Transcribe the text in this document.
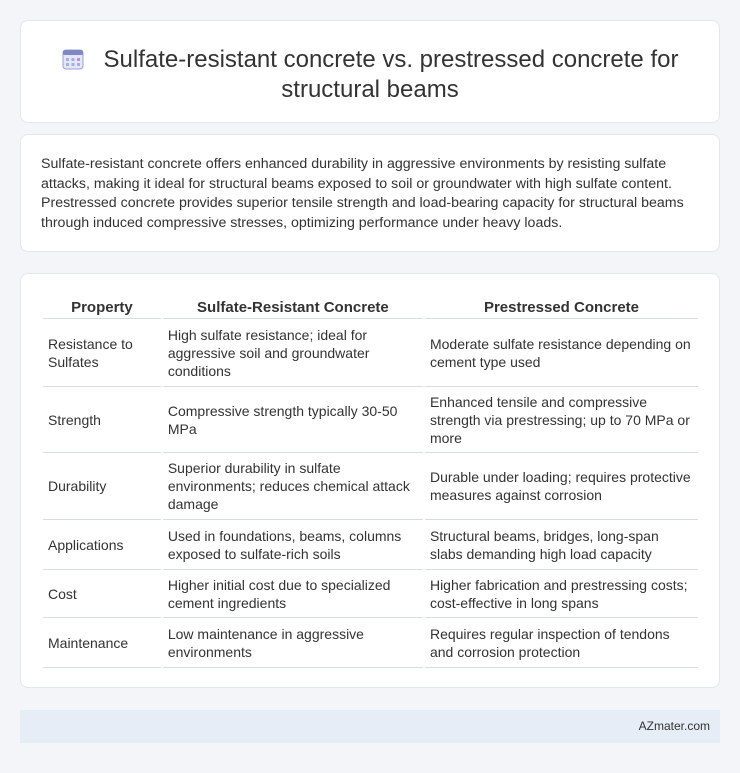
Sulfate-resistant concrete vs. prestressed concrete for structural beams

Sulfate-resistant concrete offers enhanced durability in aggressive environments by resisting sulfate attacks, making it ideal for structural beams exposed to soil or groundwater with high sulfate content. Prestressed concrete provides superior tensile strength and load-bearing capacity for structural beams through induced compressive stresses, optimizing performance under heavy loads.

Property	Sulfate-Resistant Concrete	Prestressed Concrete
Resistance to Sulfates	High sulfate resistance; ideal for aggressive soil and groundwater conditions	Moderate sulfate resistance depending on cement type used
Strength	Compressive strength typically 30-50 MPa	Enhanced tensile and compressive strength via prestressing; up to 70 MPa or more
Durability	Superior durability in sulfate environments; reduces chemical attack damage	Durable under loading; requires protective measures against corrosion
Applications	Used in foundations, beams, columns exposed to sulfate-rich soils	Structural beams, bridges, long-span slabs demanding high load capacity
Cost	Higher initial cost due to specialized cement ingredients	Higher fabrication and prestressing costs; cost-effective in long spans
Maintenance	Low maintenance in aggressive environments	Requires regular inspection of tendons and corrosion protection
AZmater.com
